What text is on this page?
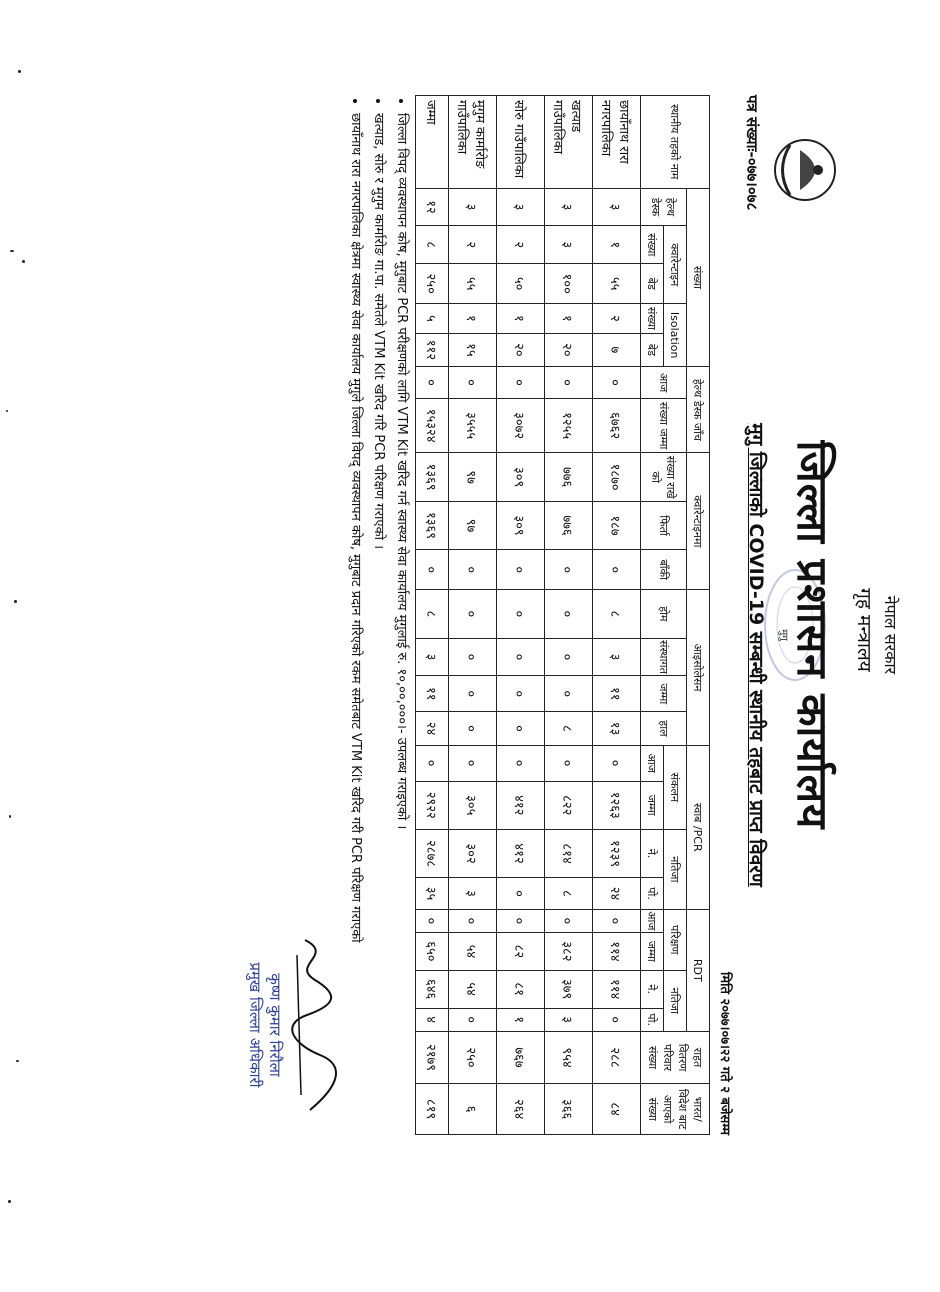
नेपाल सरकार
गृह मन्त्रालय
जिल्ला प्रशासन कार्यालय
मुगु
पत्र संख्याः-०७७।०७८
मुगु जिल्लाको COVID-19 सम्बन्धी स्थानीय तहबाट प्राप्त विवरण
मिति २०७७।०७।२२ गते २ बजेसम्म
स्थानीय तहको नाम	संख्या					हेल्थ डेस्क जाँच		क्वारेन्टाइनमा			आइसोलेसन				स्वाब /PCR				RDT				राहत वितरण परिवार संख्या	भारत/ विदेश बाट आएको संख्या
	हेल्थ डेस्क	क्वारेन्टाइन		Isolation		आज	संख्या जम्मा	संख्या राखे को	फिर्ता	बाँकी	होम	संस्थागत	जम्मा	हाल	संकलन		नतिजा		परिक्षण		नतिजा			
		संख्या	बेड	संख्या	बेड										आज	जम्मा	ने.	पो.	आज	जम्मा	ने.	पो.		
छायाँनाथ रारा नगरपालिका	३	१	५५	२	७	०	६७६२	१८७०	१८७	०	८	३	११	१३	०	१२६३	१२३९	२४	०	११४	११४	०	२८८	८४
खत्याड गाउँपालिका	३	३	१००	१	२०	०	१२५५	७७६	७७६	०	०	०	०	८	०	८२२	८१४	८	०	३८२	३७९	३	९५४	३६६
सोरु गाउँपालिका	३	२	५०	१	२०	०	३०७२	३०९	३०९	०	०	०	०	०	०	४१२	४१२	०	०	८२	८१	१	७६७	२६४
मुगुम कार्मारोङ गाउँपालिका	३	२	५५	१	१५	०	३५५५	९७	९७	०	०	०	०	०	०	३०५	३०२	३	०	५४	५४	०	२५०	६
जम्मा	१२	८	२५०	५	११२	०	१५३२४	१३६९	१३६९	०	८	३	११	२४	०	२९२२	२८७८	३५	०	६५०	६४६	४	२१७९	८१९
• जिल्ला विपद् व्यवस्थापन कोष, मुगुबाट PCR परीक्षणको लागि VTM Kit खरिद गर्न स्वास्थ्य सेवा कार्यालय मुगुलाई रु. १०,००,०००।- उपलब्ध गराइएको ।
• खत्याड, सोरु र मुगुम कार्मारोङ गा.पा. समेतले VTM Kit खरिद गरि PCR परिक्षण गराएको ।
• छायाँनाथ रारा नगरपालिका क्षेत्रमा स्वास्थ्य सेवा कार्यालय मुगुले जिल्ला विपद् व्यवस्थापन कोष, मुगुबाट प्रदान गरिएको रकम समेतबाट VTM Kit खरिद गरी PCR परिक्षण गराएको
कृष्ण कुमार निरौला
प्रमुख जिल्ला अधिकारी
